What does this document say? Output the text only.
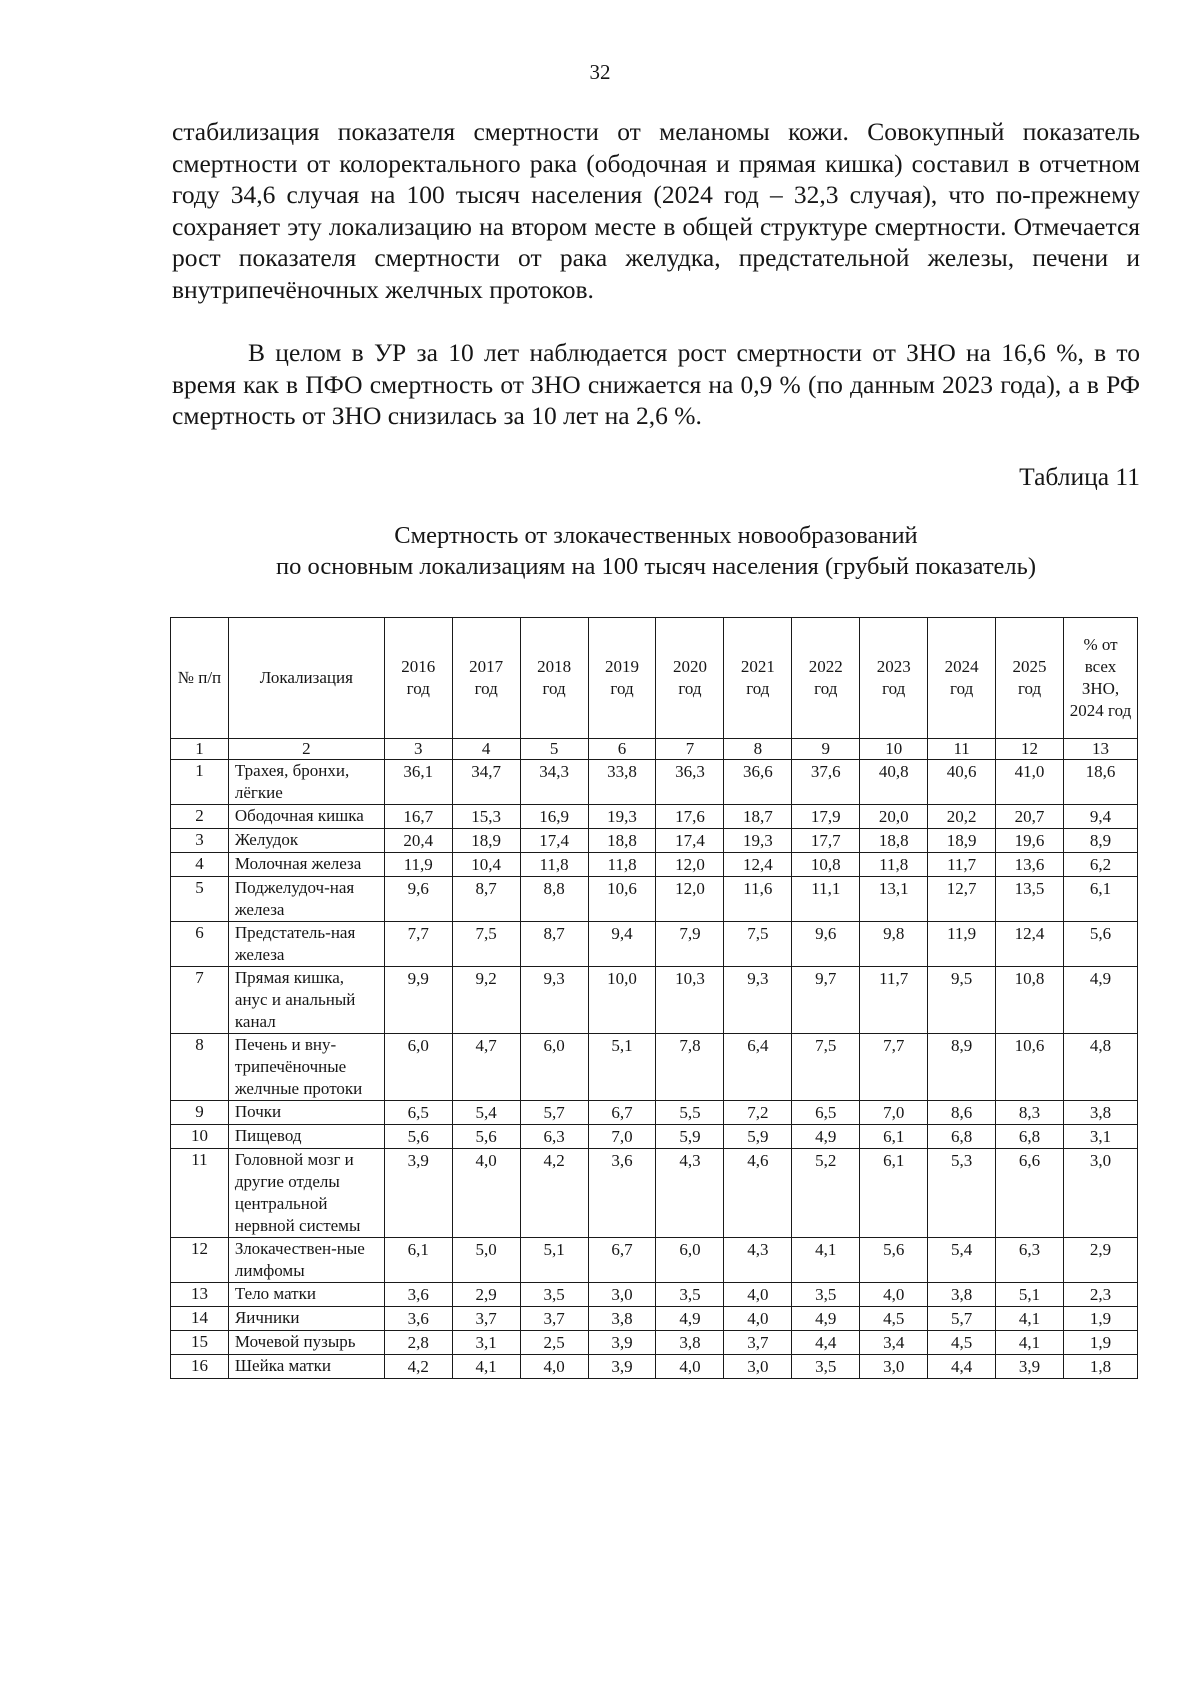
32

стабилизация показателя смертности от меланомы кожи. Совокупный показатель смертности от колоректального рака (ободочная и прямая кишка) составил в отчетном году 34,6 случая на 100 тысяч населения (2024 год – 32,3 случая), что по-прежнему сохраняет эту локализацию на втором месте в общей структуре смертности. Отмечается рост показателя смертности от рака желудка, предстательной железы, печени и внутрипечёночных желчных протоков.

В целом в УР за 10 лет наблюдается рост смертности от ЗНО на 16,6 %, в то время как в ПФО смертность от ЗНО снижается на 0,9 % (по данным 2023 года), а в РФ смертность от ЗНО снизилась за 10 лет на 2,6 %.

Таблица 11
Смертность от злокачественных новообразований
по основным локализациям на 100 тысяч населения (грубый показатель)
№ п/п	Локализация	2016 год	2017 год	2018 год	2019 год	2020 год	2021 год	2022 год	2023 год	2024 год	2025 год	% от всех ЗНО, 2024 год
1	2	3	4	5	6	7	8	9	10	11	12	13
1	Трахея, бронхи, лёгкие	36,1	34,7	34,3	33,8	36,3	36,6	37,6	40,8	40,6	41,0	18,6
2	Ободочная кишка	16,7	15,3	16,9	19,3	17,6	18,7	17,9	20,0	20,2	20,7	9,4
3	Желудок	20,4	18,9	17,4	18,8	17,4	19,3	17,7	18,8	18,9	19,6	8,9
4	Молочная железа	11,9	10,4	11,8	11,8	12,0	12,4	10,8	11,8	11,7	13,6	6,2
5	Поджелудоч-ная железа	9,6	8,7	8,8	10,6	12,0	11,6	11,1	13,1	12,7	13,5	6,1
6	Предстатель-ная железа	7,7	7,5	8,7	9,4	7,9	7,5	9,6	9,8	11,9	12,4	5,6
7	Прямая кишка, анус и анальный канал	9,9	9,2	9,3	10,0	10,3	9,3	9,7	11,7	9,5	10,8	4,9
8	Печень и вну-трипечёночные желчные протоки	6,0	4,7	6,0	5,1	7,8	6,4	7,5	7,7	8,9	10,6	4,8
9	Почки	6,5	5,4	5,7	6,7	5,5	7,2	6,5	7,0	8,6	8,3	3,8
10	Пищевод	5,6	5,6	6,3	7,0	5,9	5,9	4,9	6,1	6,8	6,8	3,1
11	Головной мозг и другие отделы центральной нервной системы	3,9	4,0	4,2	3,6	4,3	4,6	5,2	6,1	5,3	6,6	3,0
12	Злокачествен-ные лимфомы	6,1	5,0	5,1	6,7	6,0	4,3	4,1	5,6	5,4	6,3	2,9
13	Тело матки	3,6	2,9	3,5	3,0	3,5	4,0	3,5	4,0	3,8	5,1	2,3
14	Яичники	3,6	3,7	3,7	3,8	4,9	4,0	4,9	4,5	5,7	4,1	1,9
15	Мочевой пузырь	2,8	3,1	2,5	3,9	3,8	3,7	4,4	3,4	4,5	4,1	1,9
16	Шейка матки	4,2	4,1	4,0	3,9	4,0	3,0	3,5	3,0	4,4	3,9	1,8
